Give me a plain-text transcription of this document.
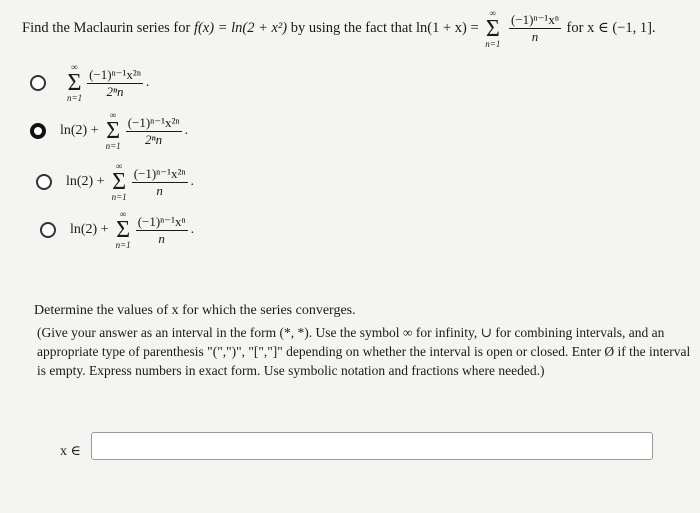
Find the Maclaurin series for f(x) = ln(2 + x²) by using the fact that ln(1 + x) =
∞
Σ
n=1
$\frac{\text{(−1)ⁿ⁻¹xⁿ}}{n}$ for x ∈ (−1, 1].
∞
Σ
$n=1 \frac{\text{(−1)ⁿ⁻¹x²ⁿ}}{\text{2ⁿn}}$ .
ln(2) +
∞
Σ
$n=1 \frac{\text{(−1)ⁿ⁻¹x²ⁿ}}{\text{2ⁿn}}$ .
ln(2) +
∞
Σ
$n=1 \frac{\text{(−1)ⁿ⁻¹x²ⁿ}}{n}$ .
ln(2) +
∞
Σ
$n=1 \frac{\text{(−1)ⁿ⁻¹xⁿ}}{n}$ .
Determine the values of x for which the series converges.
(Give your answer as an interval in the form (*, *). Use the symbol ∞ for infinity, ∪ for combining intervals, and an appropriate type of parenthesis "(",")", "[","]" depending on whether the interval is open or closed. Enter Ø if the interval is empty. Express numbers in exact form. Use symbolic notation and fractions where needed.)
x ∈
